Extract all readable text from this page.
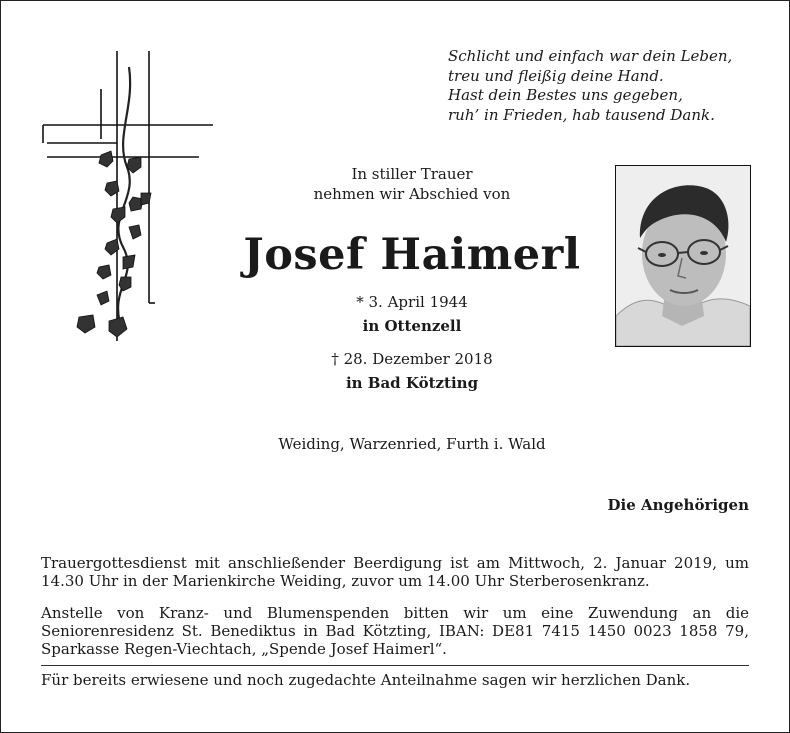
Schlicht und einfach war dein Leben,
treu und fleißig deine Hand.
Hast dein Bestes uns gegeben,
ruh’ in Frieden, hab tausend Dank.
In stiller Trauer
nehmen wir Abschied von
Josef Haimerl
* 3. April 1944
in Ottenzell
† 28. Dezember 2018
in Bad Kötzting
Weiding, Warzenried, Furth i. Wald
Die Angehörigen
Trauergottesdienst mit anschließender Beerdigung ist am Mittwoch, 2. Januar 2019, um 14.30 Uhr in der Marienkirche Weiding, zuvor um 14.00 Uhr Sterberosenkranz.
Anstelle von Kranz- und Blumenspenden bitten wir um eine Zuwendung an die Seniorenresidenz St. Benediktus in Bad Kötzting, IBAN: DE81 7415 1450 0023 1858 79, Sparkasse Regen-Viechtach, „Spende Josef Haimerl“.
Für bereits erwiesene und noch zugedachte Anteilnahme sagen wir herzlichen Dank.
